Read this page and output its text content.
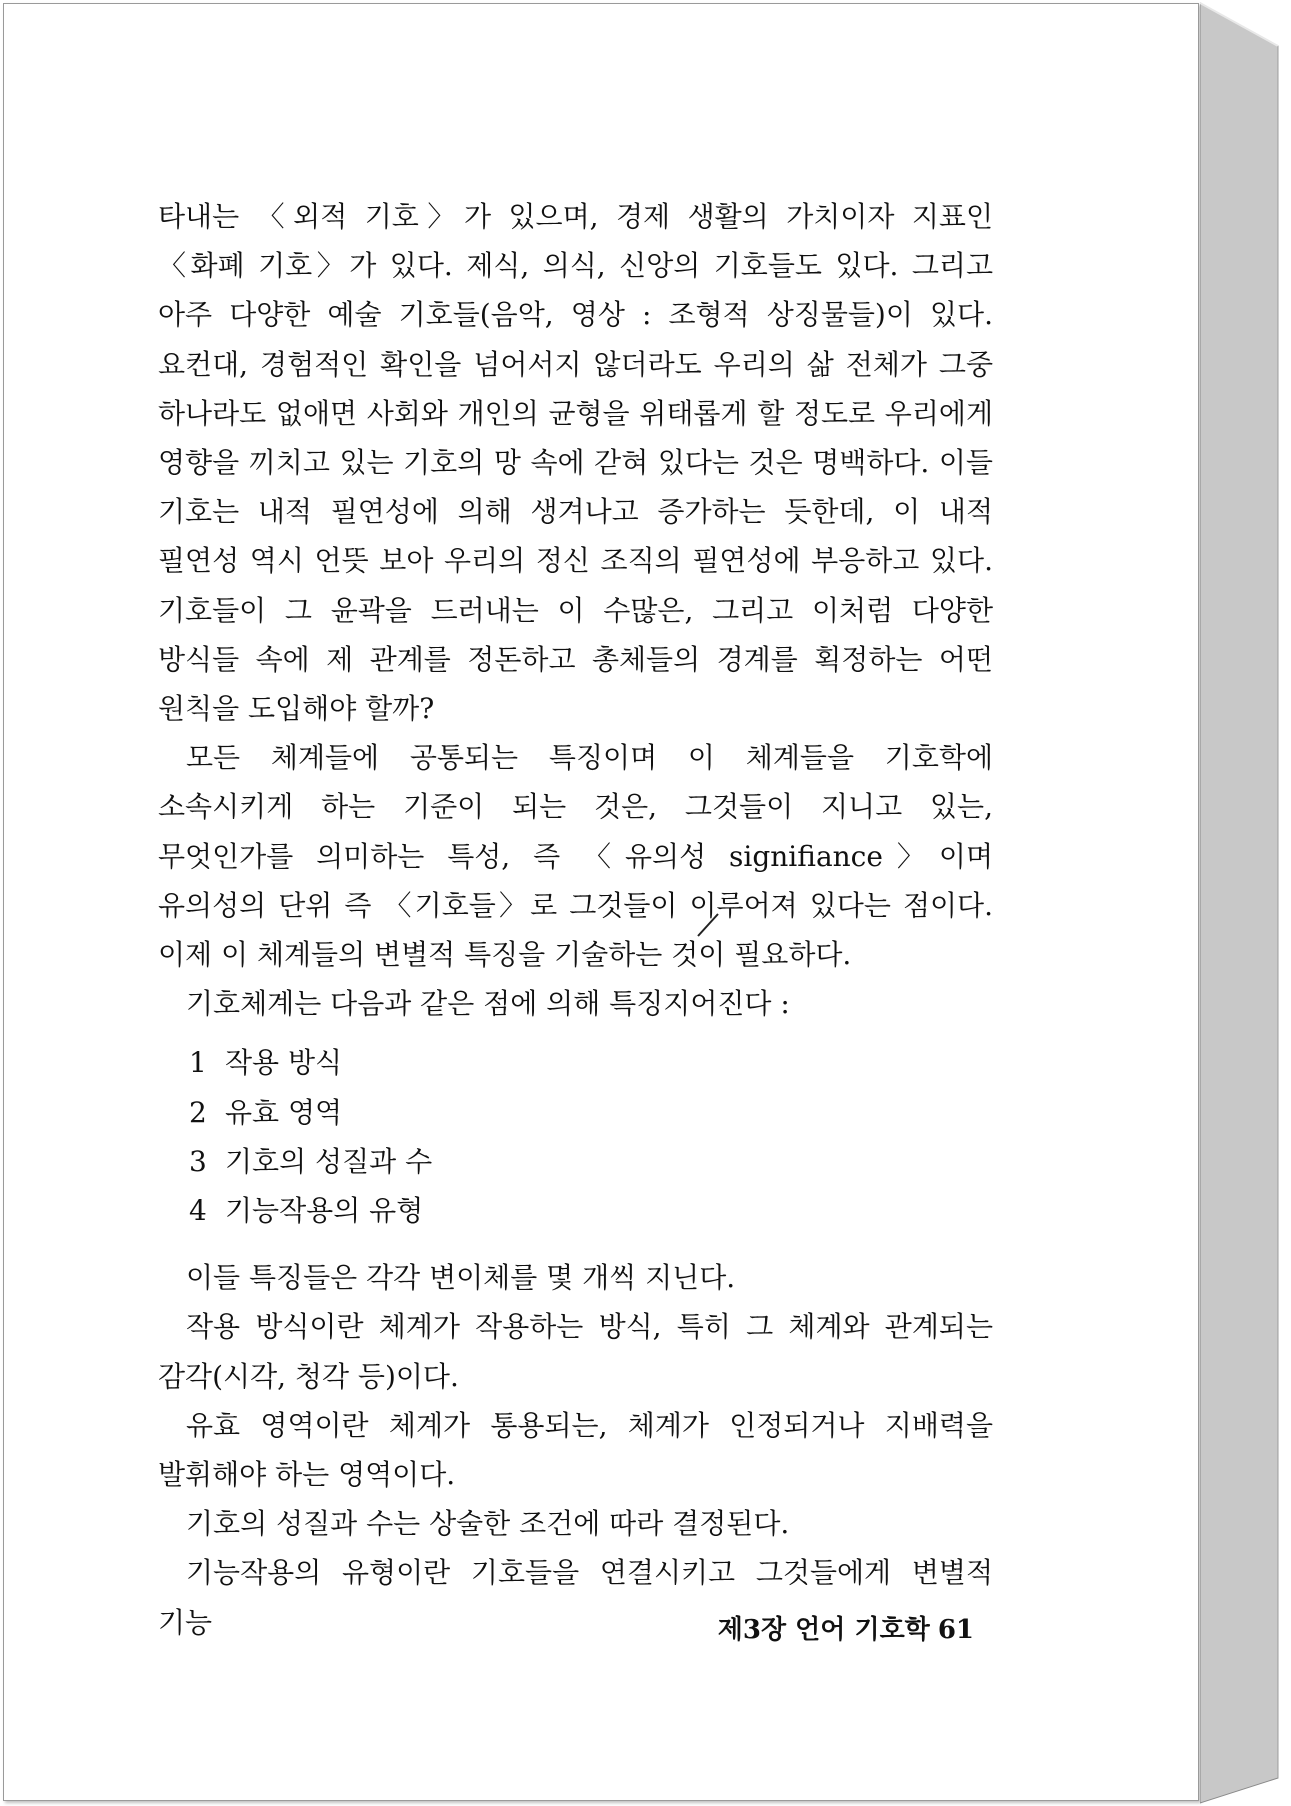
타내는 〈외적 기호〉가 있으며, 경제 생활의 가치이자 지표인 〈화폐 기호〉가 있다. 제식, 의식, 신앙의 기호들도 있다. 그리고 아주 다양한 예술 기호들(음악, 영상 : 조형적 상징물들)이 있다. 요컨대, 경험적인 확인을 넘어서지 않더라도 우리의 삶 전체가 그중 하나라도 없애면 사회와 개인의 균형을 위태롭게 할 정도로 우리에게 영향을 끼치고 있는 기호의 망 속에 갇혀 있다는 것은 명백하다. 이들 기호는 내적 필연성에 의해 생겨나고 증가하는 듯한데, 이 내적 필연성 역시 언뜻 보아 우리의 정신 조직의 필연성에 부응하고 있다. 기호들이 그 윤곽을 드러내는 이 수많은, 그리고 이처럼 다양한 방식들 속에 제 관계를 정돈하고 총체들의 경계를 획정하는 어떤 원칙을 도입해야 할까?

모든 체계들에 공통되는 특징이며 이 체계들을 기호학에 소속시키게 하는 기준이 되는 것은, 그것들이 지니고 있는, 무엇인가를 의미하는 특성, 즉 〈유의성 signifiance〉이며 유의성의 단위 즉 〈기호들〉로 그것들이 이루어져 있다는 점이다. 이제 이 체계들의 변별적 특징을 기술하는 것이 필요하다.

기호체계는 다음과 같은 점에 의해 특징지어진다 :

1 작용 방식
2 유효 영역
3 기호의 성질과 수
4 기능작용의 유형

이들 특징들은 각각 변이체를 몇 개씩 지닌다.

작용 방식이란 체계가 작용하는 방식, 특히 그 체계와 관계되는 감각(시각, 청각 등)이다.

유효 영역이란 체계가 통용되는, 체계가 인정되거나 지배력을 발휘해야 하는 영역이다.

기호의 성질과 수는 상술한 조건에 따라 결정된다.

기능작용의 유형이란 기호들을 연결시키고 그것들에게 변별적 기능	제3장 언어 기호학 61
